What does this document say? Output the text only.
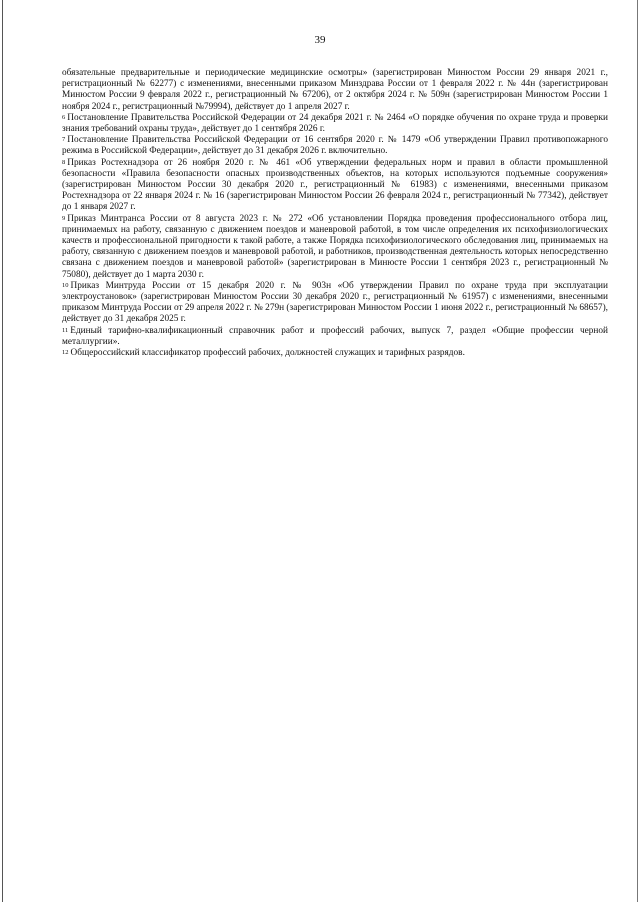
39

обязательные предварительные и периодические медицинские осмотры» (зарегистрирован Минюстом России 29 января 2021 г., регистрационный № 62277) с изменениями, внесенными приказом Минздрава России от 1 февраля 2022 г. № 44н (зарегистрирован Минюстом России 9 февраля 2022 г., регистрационный № 67206), от 2 октября 2024 г. № 509н (зарегистрирован Минюстом России 1 ноября 2024 г., регистрационный №79994), действует до 1 апреля 2027 г.

$^6$ Постановление Правительства Российской Федерации от 24 декабря 2021 г. № 2464 «О порядке обучения по охране труда и проверки знания требований охраны труда», действует до 1 сентября 2026 г.

$^7$ Постановление Правительства Российской Федерации от 16 сентября 2020 г. № 1479 «Об утверждении Правил противопожарного режима в Российской Федерации», действует до 31 декабря 2026 г. включительно.

$^8$ Приказ Ростехнадзора от 26 ноября 2020 г. № 461 «Об утверждении федеральных норм и правил в области промышленной безопасности «Правила безопасности опасных производственных объектов, на которых используются подъемные сооружения» (зарегистрирован Минюстом России 30 декабря 2020 г., регистрационный № 61983) с изменениями, внесенными приказом Ростехнадзора от 22 января 2024 г. № 16 (зарегистрирован Минюстом России 26 февраля 2024 г., регистрационный № 77342), действует до 1 января 2027 г.

$^9$ Приказ Минтранса России от 8 августа 2023 г. № 272 «Об установлении Порядка проведения профессионального отбора лиц, принимаемых на работу, связанную с движением поездов и маневровой работой, в том числе определения их психофизиологических качеств и профессиональной пригодности к такой работе, а также Порядка психофизиологического обследования лиц, принимаемых на работу, связанную с движением поездов и маневровой работой, и работников, производственная деятельность которых непосредственно связана с движением поездов и маневровой работой» (зарегистрирован в Минюсте России 1 сентября 2023 г., регистрационный № 75080), действует до 1 марта 2030 г.

$^{10}$ Приказ Минтруда России от 15 декабря 2020 г. № 903н «Об утверждении Правил по охране труда при эксплуатации электроустановок» (зарегистрирован Минюстом России 30 декабря 2020 г., регистрационный № 61957) с изменениями, внесенными приказом Минтруда России от 29 апреля 2022 г. № 279н (зарегистрирован Минюстом России 1 июня 2022 г., регистрационный № 68657), действует до 31 декабря 2025 г.

$^{11}$ Единый тарифно-квалификационный справочник работ и профессий рабочих, выпуск 7, раздел «Общие профессии черной металлургии».

$^{12}$ Общероссийский классификатор профессий рабочих, должностей служащих и тарифных разрядов.
